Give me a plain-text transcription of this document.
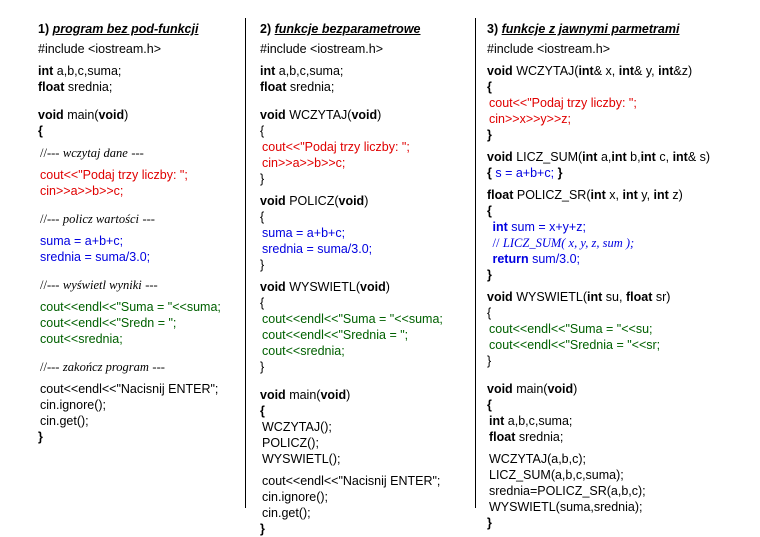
1) program bez pod-funkcji
#include <iostream.h>
int a,b,c,suma;
float srednia;
void main(void)
{
//--- wczytaj dane ---
cout<<"Podaj trzy liczby: ";
cin>>a>>b>>c;
//--- policz wartości ---
suma = a+b+c;
srednia = suma/3.0;
//--- wyświetl wyniki ---
cout<<endl<<"Suma = "<<suma;
cout<<endl<<"Sredn = ";
cout<<srednia;
//--- zakończ program ---
cout<<endl<<"Nacisnij ENTER";
cin.ignore();
cin.get();
}
2) funkcje bezparametrowe
#include <iostream.h>
int a,b,c,suma;
float srednia;
void WCZYTAJ(void)
{
cout<<"Podaj trzy liczby: ";
cin>>a>>b>>c;
}
void POLICZ(void)
{
suma = a+b+c;
srednia = suma/3.0;
}
void WYSWIETL(void)
{
cout<<endl<<"Suma = "<<suma;
cout<<endl<<"Srednia = ";
cout<<srednia;
}
void main(void)
{
WCZYTAJ();
POLICZ();
WYSWIETL();
cout<<endl<<"Nacisnij ENTER";
cin.ignore();
cin.get();
}
3) funkcje z jawnymi parmetrami
#include <iostream.h>
void WCZYTAJ(int& x, int& y, int&z)
{
cout<<"Podaj trzy liczby: ";
cin>>x>>y>>z;
}
void LICZ_SUM(int a,int b,int c, int& s)
{ s = a+b+c; }
float POLICZ_SR(int x, int y, int z)
{
int sum = x+y+z;
// LICZ_SUM( x, y, z, sum );
return sum/3.0;
}
void WYSWIETL(int su, float sr)
{
cout<<endl<<"Suma = "<<su;
cout<<endl<<"Srednia = "<<sr;
}
void main(void)
{
int a,b,c,suma;
float srednia;
WCZYTAJ(a,b,c);
LICZ_SUM(a,b,c,suma);
srednia=POLICZ_SR(a,b,c);
WYSWIETL(suma,srednia);
}
